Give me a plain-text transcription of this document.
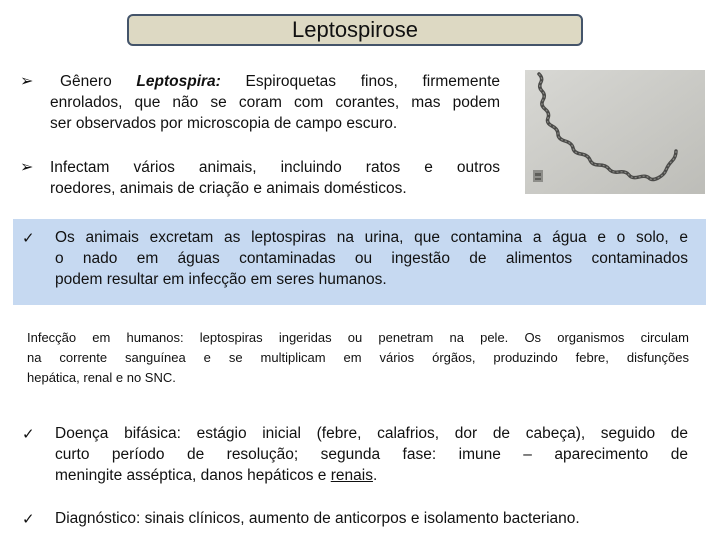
Leptospirose
➢	Gênero Leptospira: Espiroquetas finos, firmemente
enrolados, que não se coram com corantes, mas podem
ser observados por microscopia de campo escuro.
➢ Infectam vários animais, incluindo ratos e outros
roedores, animais de criação e animais domésticos.
✓ Os animais excretam as leptospiras na urina, que contamina a água e o solo, e
o nado em águas contaminadas ou ingestão de alimentos contaminados
podem resultar em infecção em seres humanos.
Infecção em humanos: leptospiras ingeridas ou penetram na pele. Os organismos circulam
na corrente sanguínea e se multiplicam em vários órgãos, produzindo febre, disfunções
hepática, renal e no SNC.
✓ Doença bifásica: estágio inicial (febre, calafrios, dor de cabeça), seguido de
curto período de resolução; segunda fase: imune – aparecimento de
meningite asséptica, danos hepáticos e renais.
✓ Diagnóstico: sinais clínicos, aumento de anticorpos e isolamento bacteriano.
